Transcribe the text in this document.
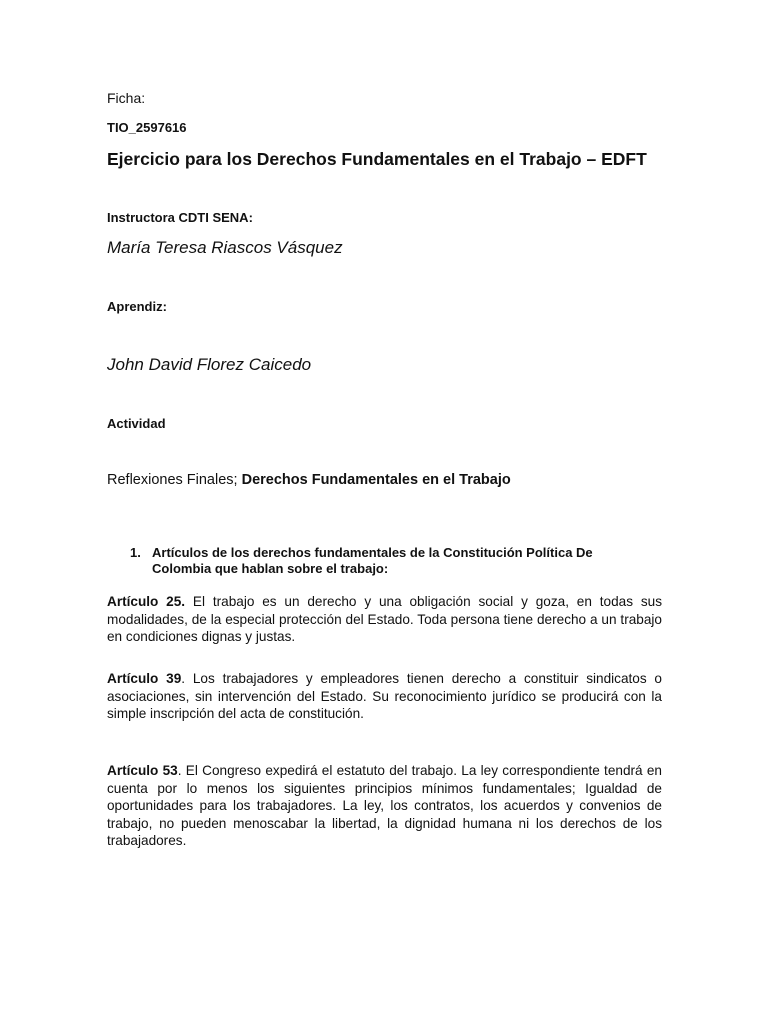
Ficha:
TIO_2597616
Ejercicio para los Derechos Fundamentales en el Trabajo – EDFT
Instructora CDTI SENA:
María Teresa Riascos Vásquez
Aprendiz:
John David Florez Caicedo
Actividad
Reflexiones Finales; Derechos Fundamentales en el Trabajo
1. Artículos de los derechos fundamentales de la Constitución Política De Colombia que hablan sobre el trabajo:
Artículo 25. El trabajo es un derecho y una obligación social y goza, en todas sus modalidades, de la especial protección del Estado. Toda persona tiene derecho a un trabajo en condiciones dignas y justas.
Artículo 39. Los trabajadores y empleadores tienen derecho a constituir sindicatos o asociaciones, sin intervención del Estado. Su reconocimiento jurídico se producirá con la simple inscripción del acta de constitución.
Artículo 53. El Congreso expedirá el estatuto del trabajo. La ley correspondiente tendrá en cuenta por lo menos los siguientes principios mínimos fundamentales; Igualdad de oportunidades para los trabajadores. La ley, los contratos, los acuerdos y convenios de trabajo, no pueden menoscabar la libertad, la dignidad humana ni los derechos de los trabajadores.
